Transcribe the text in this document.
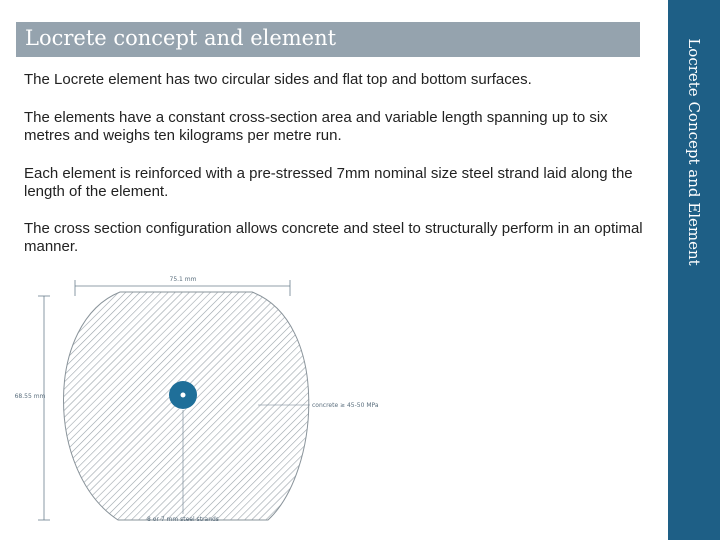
Locrete concept and element
Locrete Concept and Element

The Locrete element has two circular sides and flat top and bottom surfaces.

The elements have a constant cross-section area and variable length spanning up to six metres and weighs ten kilograms per metre run.

Each element is reinforced with a pre-stressed 7mm nominal size steel strand laid along the length of the element.

The cross section configuration allows concrete and steel to structurally perform in an optimal manner.

75.1 mm
68.55 mm
concrete ≥ 45-50 MPa
8 or 7 mm steel strands
